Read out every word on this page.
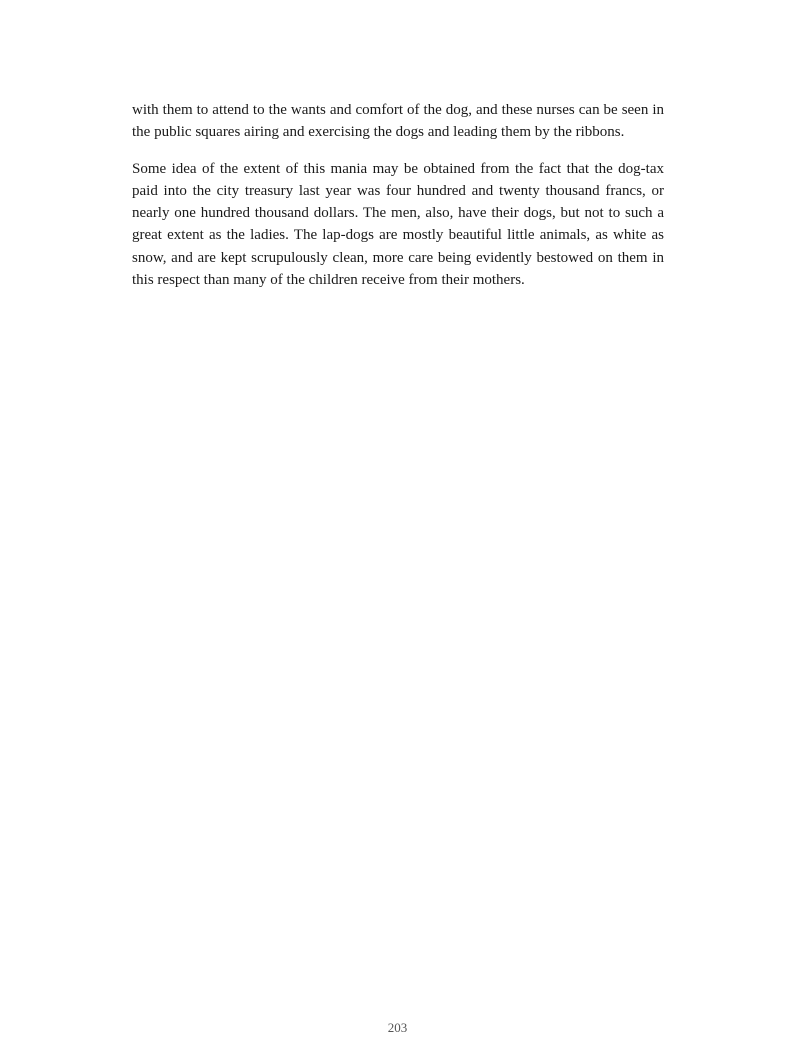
with them to attend to the wants and comfort of the dog, and these nurses can be seen in the public squares airing and exercising the dogs and leading them by the ribbons.

Some idea of the extent of this mania may be obtained from the fact that the dog-tax paid into the city treasury last year was four hundred and twenty thousand francs, or nearly one hundred thousand dollars. The men, also, have their dogs, but not to such a great extent as the ladies. The lap-dogs are mostly beautiful little animals, as white as snow, and are kept scrupulously clean, more care being evidently bestowed on them in this respect than many of the children receive from their mothers.

203
